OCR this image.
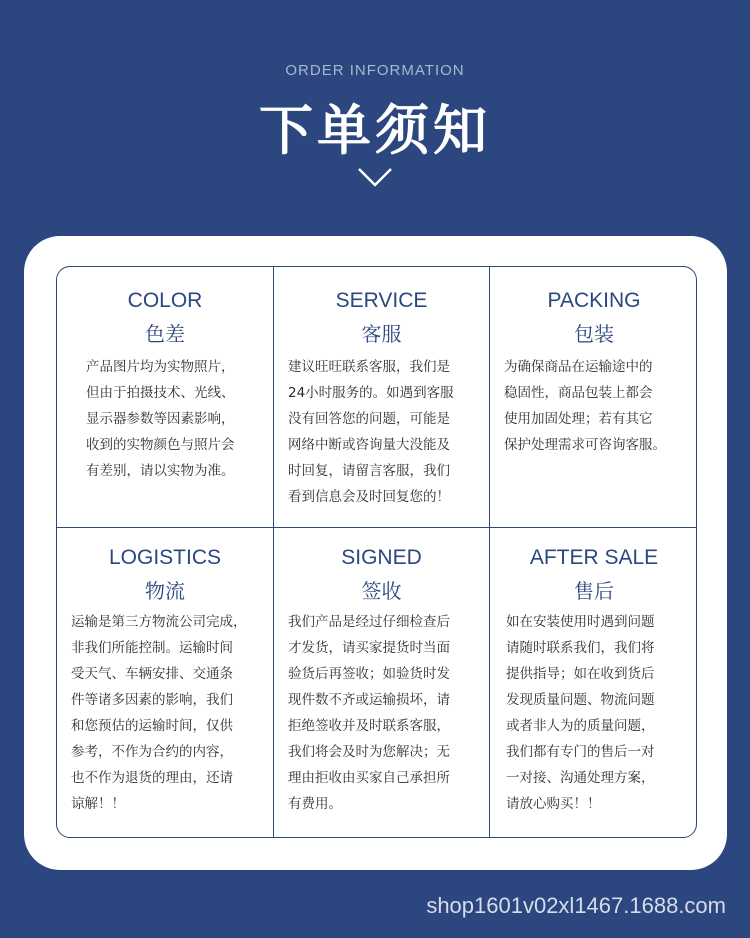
ORDER INFORMATION
下单须知
COLOR
色差
产品图片均为实物照片，
但由于拍摄技术、光线、
显示器参数等因素影响，
收到的实物颜色与照片会
有差别，请以实物为准。
SERVICE
客服
建议旺旺联系客服，我们是
24小时服务的。如遇到客服
没有回答您的问题，可能是
网络中断或咨询量大没能及
时回复，请留言客服，我们
看到信息会及时回复您的！
PACKING
包装
为确保商品在运输途中的
稳固性，商品包装上都会
使用加固处理；若有其它
保护处理需求可咨询客服。
LOGISTICS
物流
运输是第三方物流公司完成，
非我们所能控制。运输时间
受天气、车辆安排、交通条
件等诸多因素的影响，我们
和您预估的运输时间，仅供
参考，不作为合约的内容，
也不作为退货的理由，还请
谅解！！
SIGNED
签收
我们产品是经过仔细检查后
才发货，请买家提货时当面
验货后再签收；如验货时发
现件数不齐或运输损坏，请
拒绝签收并及时联系客服，
我们将会及时为您解决；无
理由拒收由买家自己承担所
有费用。
AFTER SALE
售后
如在安装使用时遇到问题
请随时联系我们，我们将
提供指导；如在收到货后
发现质量问题、物流问题
或者非人为的质量问题，
我们都有专门的售后一对
一对接、沟通处理方案，
请放心购买！！
shop1601v02xl1467.1688.com
